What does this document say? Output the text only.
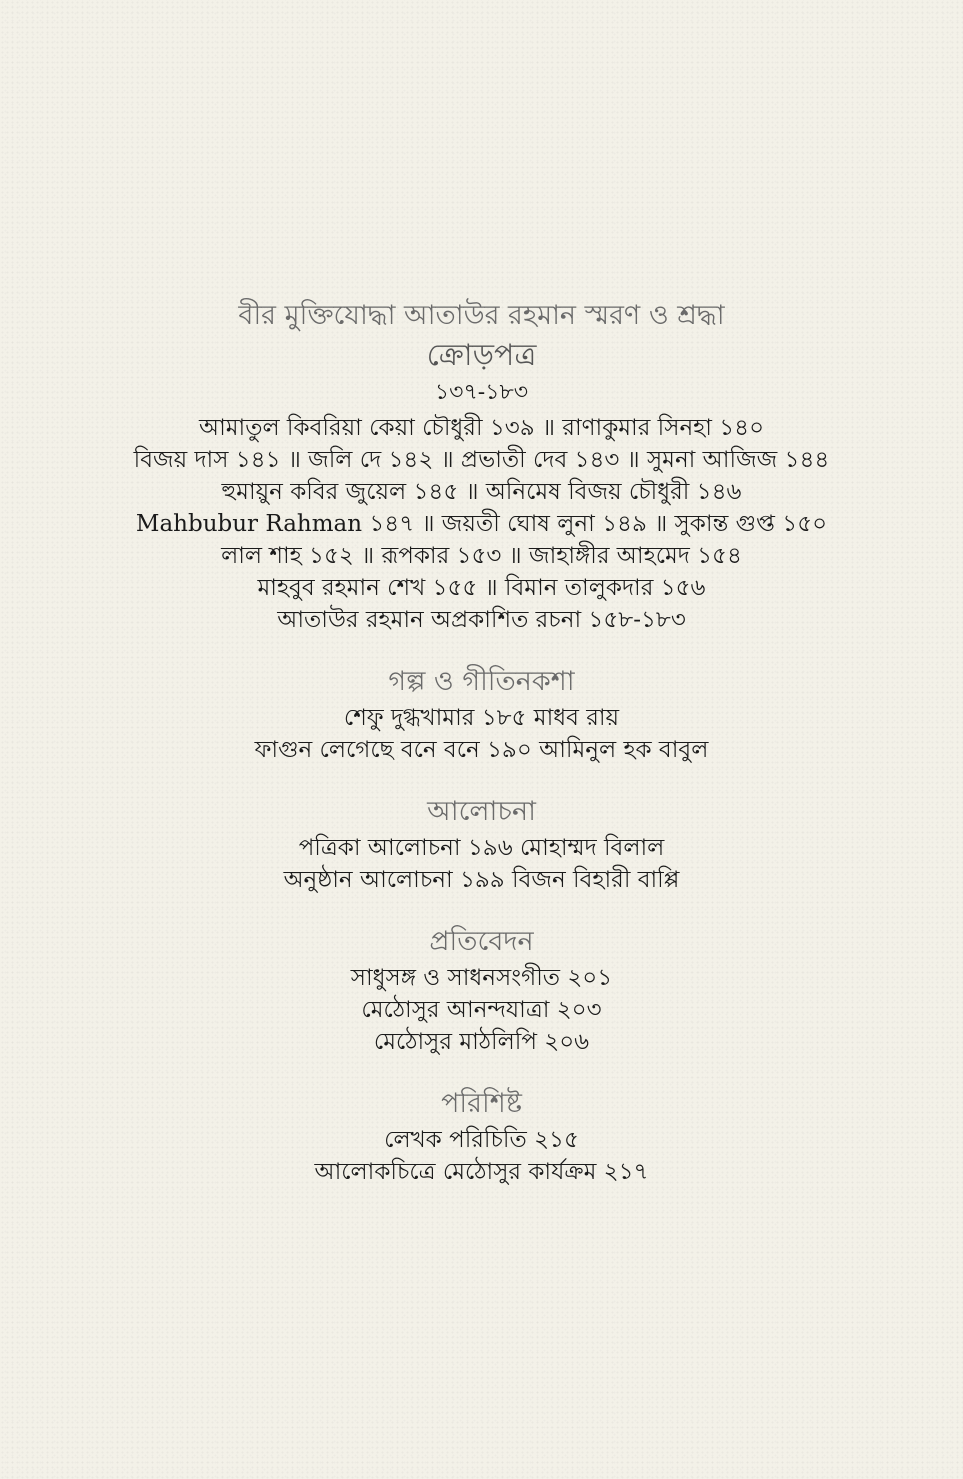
বীর মুক্তিযোদ্ধা আতাউর রহমান স্মরণ ও শ্রদ্ধা

ক্রোড়পত্র

১৩৭-১৮৩

আমাতুল কিবরিয়া কেয়া চৌধুরী ১৩৯ ॥ রাণাকুমার সিনহা ১৪০

বিজয় দাস ১৪১ ॥ জলি দে ১৪২ ॥ প্রভাতী দেব ১৪৩ ॥ সুমনা আজিজ ১৪৪

হুমায়ুন কবির জুয়েল ১৪৫ ॥ অনিমেষ বিজয় চৌধুরী ১৪৬

Mahbubur Rahman ১৪৭ ॥ জয়তী ঘোষ লুনা ১৪৯ ॥ সুকান্ত গুপ্ত ১৫০

লাল শাহ ১৫২ ॥ রূপকার ১৫৩ ॥ জাহাঙ্গীর আহমেদ ১৫৪

মাহবুব রহমান শেখ ১৫৫ ॥ বিমান তালুকদার ১৫৬

আতাউর রহমান অপ্রকাশিত রচনা ১৫৮-১৮৩

গল্প ও গীতিনকশা

শেফু দুগ্ধখামার ১৮৫ মাধব রায়

ফাগুন লেগেছে বনে বনে ১৯০ আমিনুল হক বাবুল

আলোচনা

পত্রিকা আলোচনা ১৯৬ মোহাম্মদ বিলাল

অনুষ্ঠান আলোচনা ১৯৯ বিজন বিহারী বাপ্পি

প্রতিবেদন

সাধুসঙ্গ ও সাধনসংগীত ২০১

মেঠোসুর আনন্দযাত্রা ২০৩

মেঠোসুর মাঠলিপি ২০৬

পরিশিষ্ট

লেখক পরিচিতি ২১৫

আলোকচিত্রে মেঠোসুর কার্যক্রম ২১৭
